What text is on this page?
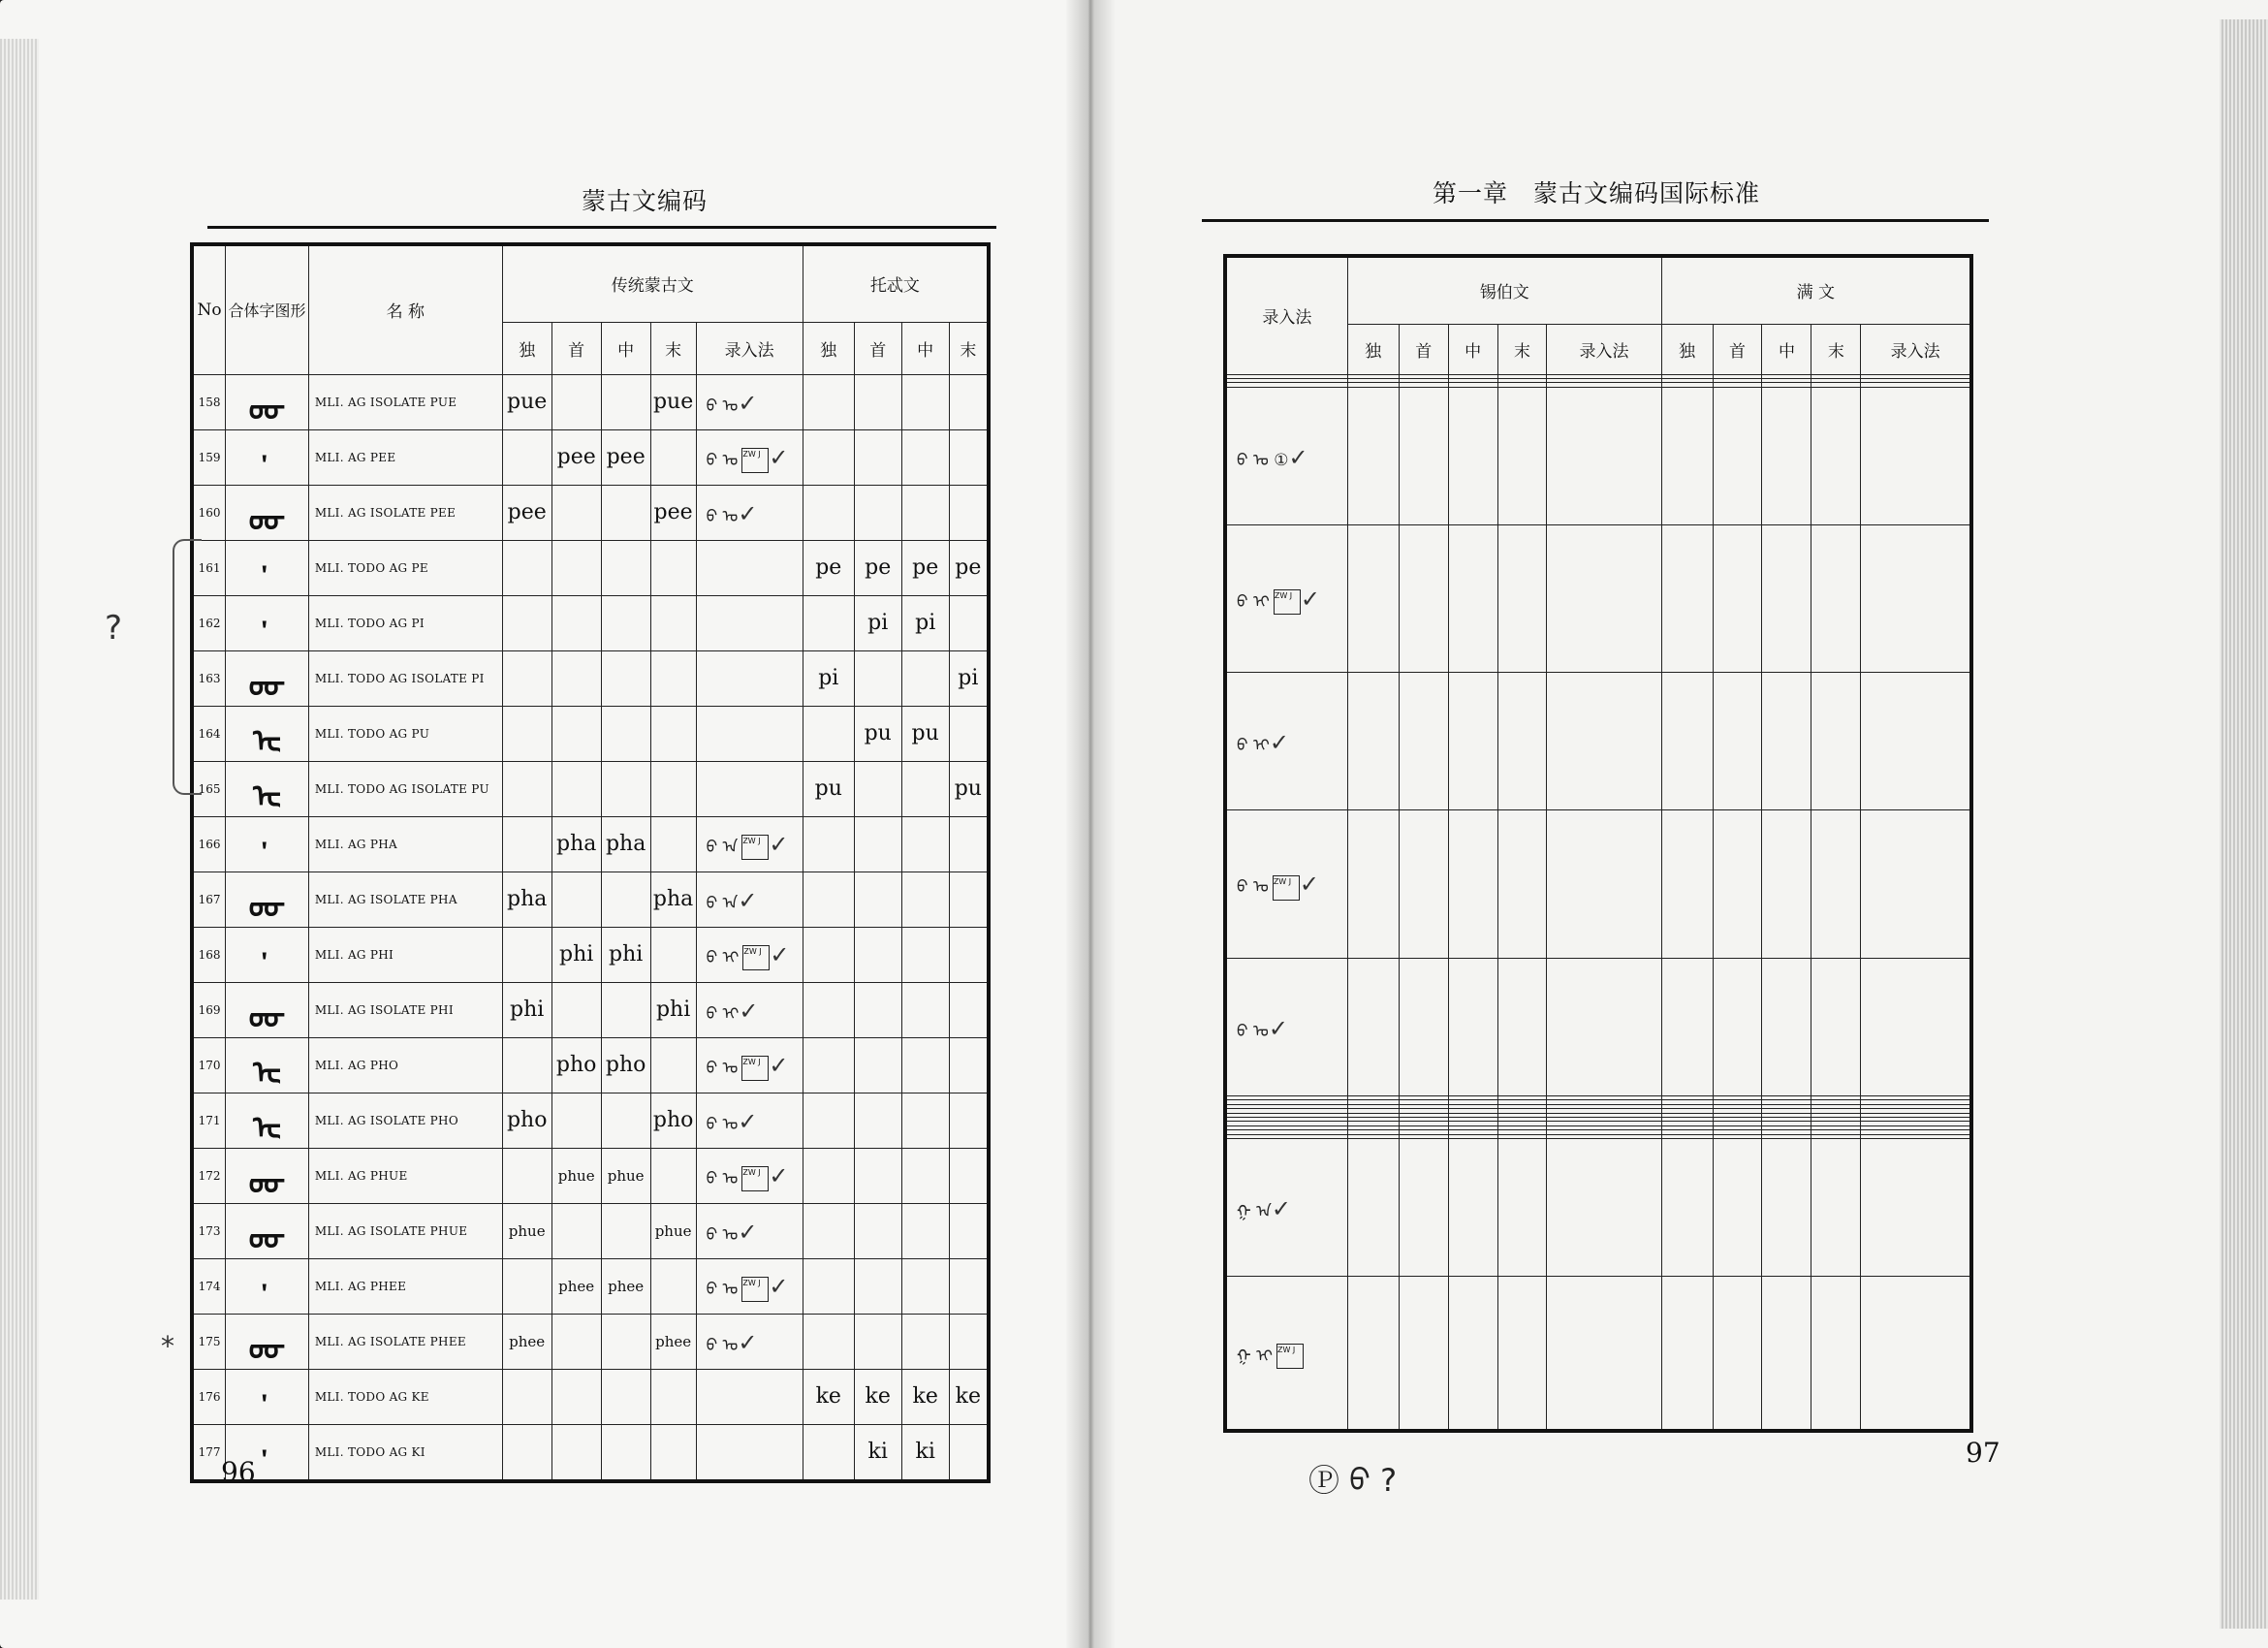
蒙古文编码
No	合体字图形	名 称	传统蒙古文					托忒文			
			独	首	中	末	录入法	独	首	中	末
158	ᡂ	MLI. AG ISOLATE PUE	pue			pue	ᠪ ᠣ✓				
159		MLI. AG PEE		pee	pee		ᠪ ᠣ ZW J ✓				
160	ᡂ	MLI. AG ISOLATE PEE	pee			pee	ᠪ ᠣ✓				
161		MLI. TODO AG PE						pe	pe	pe	pe
162		MLI. TODO AG PI							pi	pi	
163	ᡂ	MLI. TODO AG ISOLATE PI						pi			pi
164	ᡄ	MLI. TODO AG PU							pu	pu	
165	ᡄ	MLI. TODO AG ISOLATE PU						pu			pu
166		MLI. AG PHA		pha	pha		ᠪ ᠠ ZW J ✓				
167	ᡂ	MLI. AG ISOLATE PHA	pha			pha	ᠪ ᠠ✓				
168		MLI. AG PHI		phi	phi		ᠪ ᠢ ZW J ✓				
169	ᡂ	MLI. AG ISOLATE PHI	phi			phi	ᠪ ᠢ✓				
170	ᡄ	MLI. AG PHO		pho	pho		ᠪ ᠣ ZW J ✓				
171	ᡄ	MLI. AG ISOLATE PHO	pho			pho	ᠪ ᠣ✓				
172	ᡂ	MLI. AG PHUE		phue	phue		ᠪ ᠣ ZW J ✓				
173	ᡂ	MLI. AG ISOLATE PHUE	phue			phue	ᠪ ᠣ✓				
174		MLI. AG PHEE		phee	phee		ᠪ ᠣ ZW J ✓				
175	ᡂ	MLI. AG ISOLATE PHEE	phee			phee	ᠪ ᠣ✓				
176		MLI. TODO AG KE						ke	ke	ke	ke
177		MLI. TODO AG KI							ki	ki	
?
*
96
第一章　蒙古文编码国际标准
录入法	锡伯文					满 文				
	独	首	中	末	录入法	独	首	中	末	录入法

ᠪ ᠣ ①✓										
ᠪ ᠢ ZW J ✓										
ᠪ ᠢ✓										
ᠪ ᠣ ZW J ✓										
ᠪ ᠣ✓										

ᠭ ᠠ✓										
ᠭ ᠢ ZW J										
Ⓟ ᠪ ?
97
